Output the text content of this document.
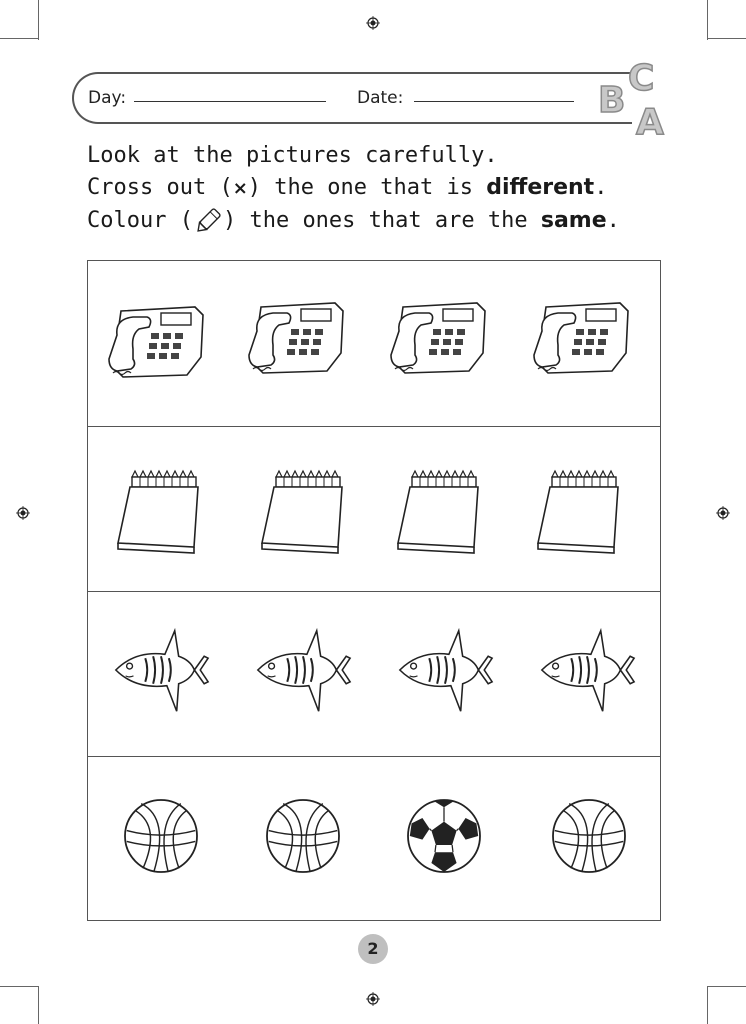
Day:	Date:	B
C
A
Look at the pictures carefully.
Cross out (×) the one that is different.
Colour ( ) the ones that are the same.
2
